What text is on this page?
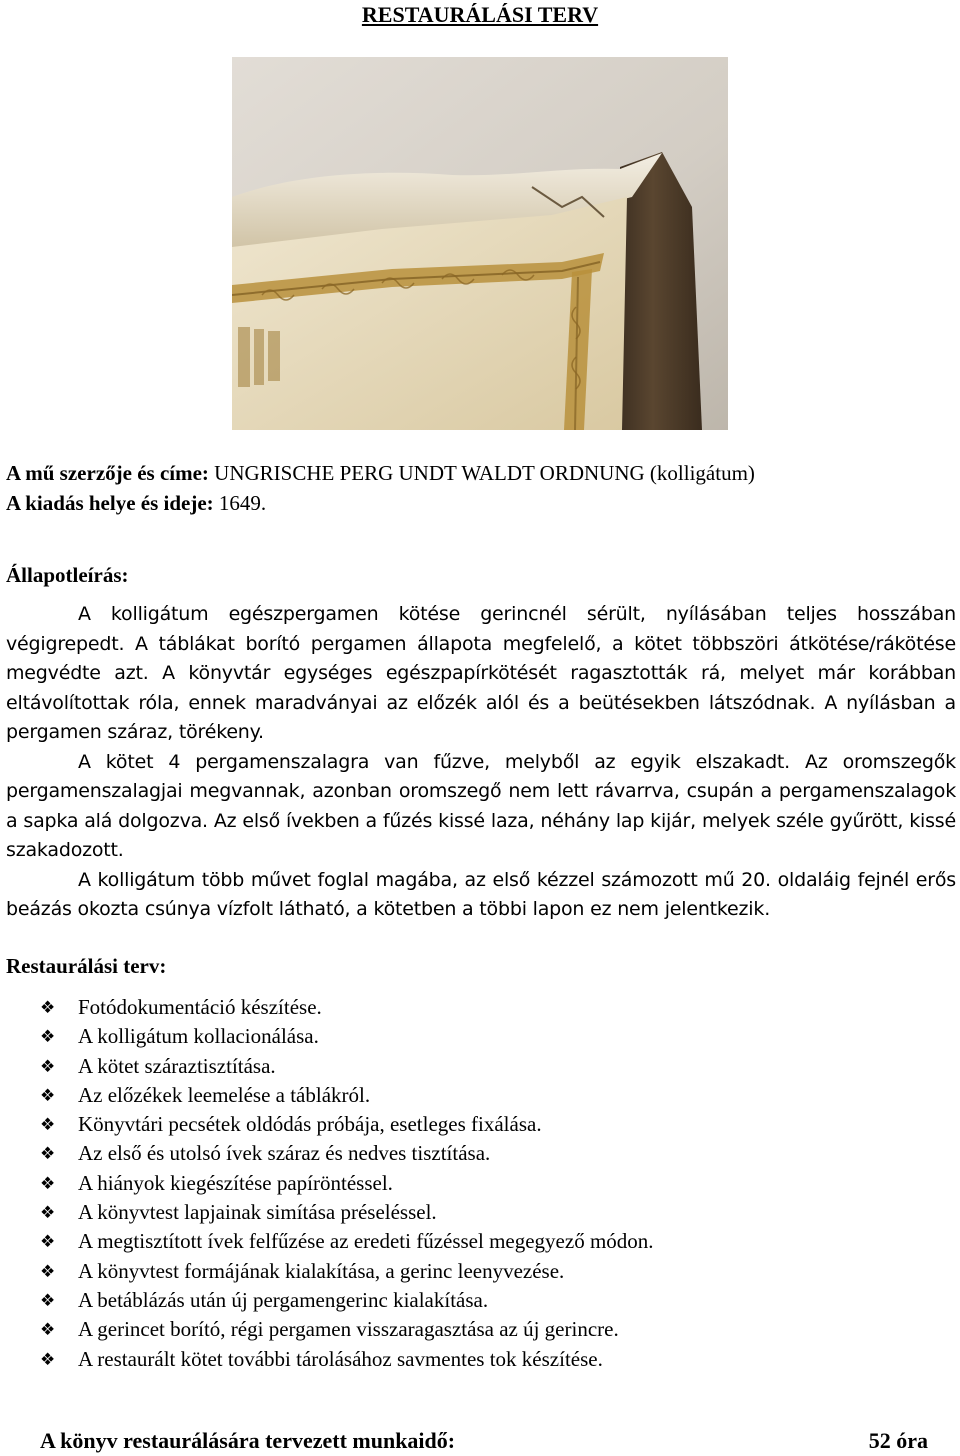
RESTAURÁLÁSI TERV
A mű szerzője és címe: UNGRISCHE PERG UNDT WALDT ORDNUNG (kolligátum)
A kiadás helye és ideje: 1649.
Állapotleírás:

A kolligátum egészpergamen kötése gerincnél sérült, nyílásában teljes hosszában végigrepedt. A táblákat borító pergamen állapota megfelelő, a kötet többszöri átkötése/rákötése megvédte azt. A könyvtár egységes egészpapírkötését ragasztották rá, melyet már korábban eltávolítottak róla, ennek maradványai az előzék alól és a beütésekben látszódnak. A nyílásban a pergamen száraz, törékeny.

A kötet 4 pergamenszalagra van fűzve, melyből az egyik elszakadt. Az oromszegők pergamenszalagjai megvannak, azonban oromszegő nem lett rávarrva, csupán a pergamenszalagok a sapka alá dolgozva. Az első ívekben a fűzés kissé laza, néhány lap kijár, melyek széle gyűrött, kissé szakadozott.

A kolligátum több művet foglal magába, az első kézzel számozott mű 20. oldaláig fejnél erős beázás okozta csúnya vízfolt látható, a kötetben a többi lapon ez nem jelentkezik.

Restaurálási terv:
❖	Fotódokumentáció készítése.
❖	A kolligátum kollacionálása.
❖	A kötet száraztisztítása.
❖	Az előzékek leemelése a táblákról.
❖	Könyvtári pecsétek oldódás próbája, esetleges fixálása.
❖	Az első és utolsó ívek száraz és nedves tisztítása.
❖	A hiányok kiegészítése papíröntéssel.
❖	A könyvtest lapjainak simítása préseléssel.
❖	A megtisztított ívek felfűzése az eredeti fűzéssel megegyező módon.
❖	A könyvtest formájának kialakítása, a gerinc leenyvezése.
❖	A betáblázás után új pergamengerinc kialakítása.
❖	A gerincet borító, régi pergamen visszaragasztása az új gerincre.
❖	A restaurált kötet további tárolásához savmentes tok készítése.
A könyv restaurálására tervezett munkaidő:	52 óra
